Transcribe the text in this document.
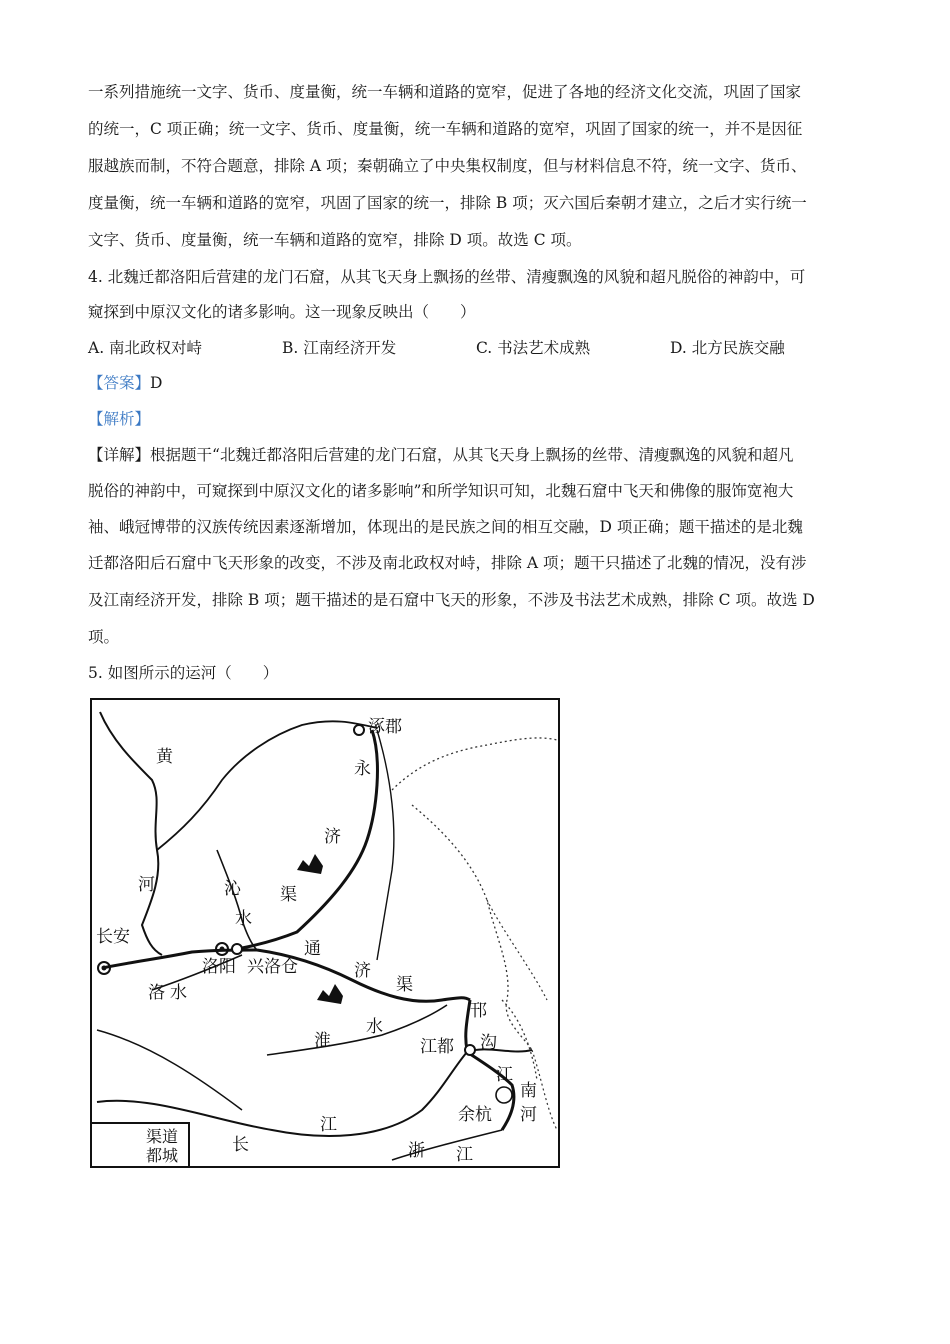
一系列措施统一文字、货币、度量衡，统一车辆和道路的宽窄，促进了各地的经济文化交流，巩固了国家
的统一，C 项正确；统一文字、货币、度量衡，统一车辆和道路的宽窄，巩固了国家的统一，并不是因征
服越族而制，不符合题意，排除 A 项；秦朝确立了中央集权制度，但与材料信息不符，统一文字、货币、
度量衡，统一车辆和道路的宽窄，巩固了国家的统一，排除 B 项；灭六国后秦朝才建立，之后才实行统一
文字、货币、度量衡，统一车辆和道路的宽窄，排除 D 项。故选 C 项。
4. 北魏迁都洛阳后营建的龙门石窟，从其飞天身上飘扬的丝带、清瘦飘逸的风貌和超凡脱俗的神韵中，可
窥探到中原汉文化的诸多影响。这一现象反映出（　　）
A. 南北政权对峙	B. 江南经济开发	C. 书法艺术成熟	D. 北方民族交融
【答案】D
【解析】
【详解】根据题干“北魏迁都洛阳后营建的龙门石窟，从其飞天身上飘扬的丝带、清瘦飘逸的风貌和超凡
脱俗的神韵中，可窥探到中原汉文化的诸多影响”和所学知识可知，北魏石窟中飞天和佛像的服饰宽袍大
袖、峨冠博带的汉族传统因素逐渐增加，体现出的是民族之间的相互交融，D 项正确；题干描述的是北魏
迁都洛阳后石窟中飞天形象的改变，不涉及南北政权对峙，排除 A 项；题干只描述了北魏的情况，没有涉
及江南经济开发，排除 B 项；题干描述的是石窟中飞天的形象，不涉及书法艺术成熟，排除 C 项。故选 D
项。
5. 如图所示的运河（　　）
渠道
都城
涿郡
永
济
黄
河	沁
水
渠
长安
洛阳 兴洛仓
通
济
渠
洛 水
淮
水
邗
沟
江都
江
南
河
余杭
江
长	浙 江
